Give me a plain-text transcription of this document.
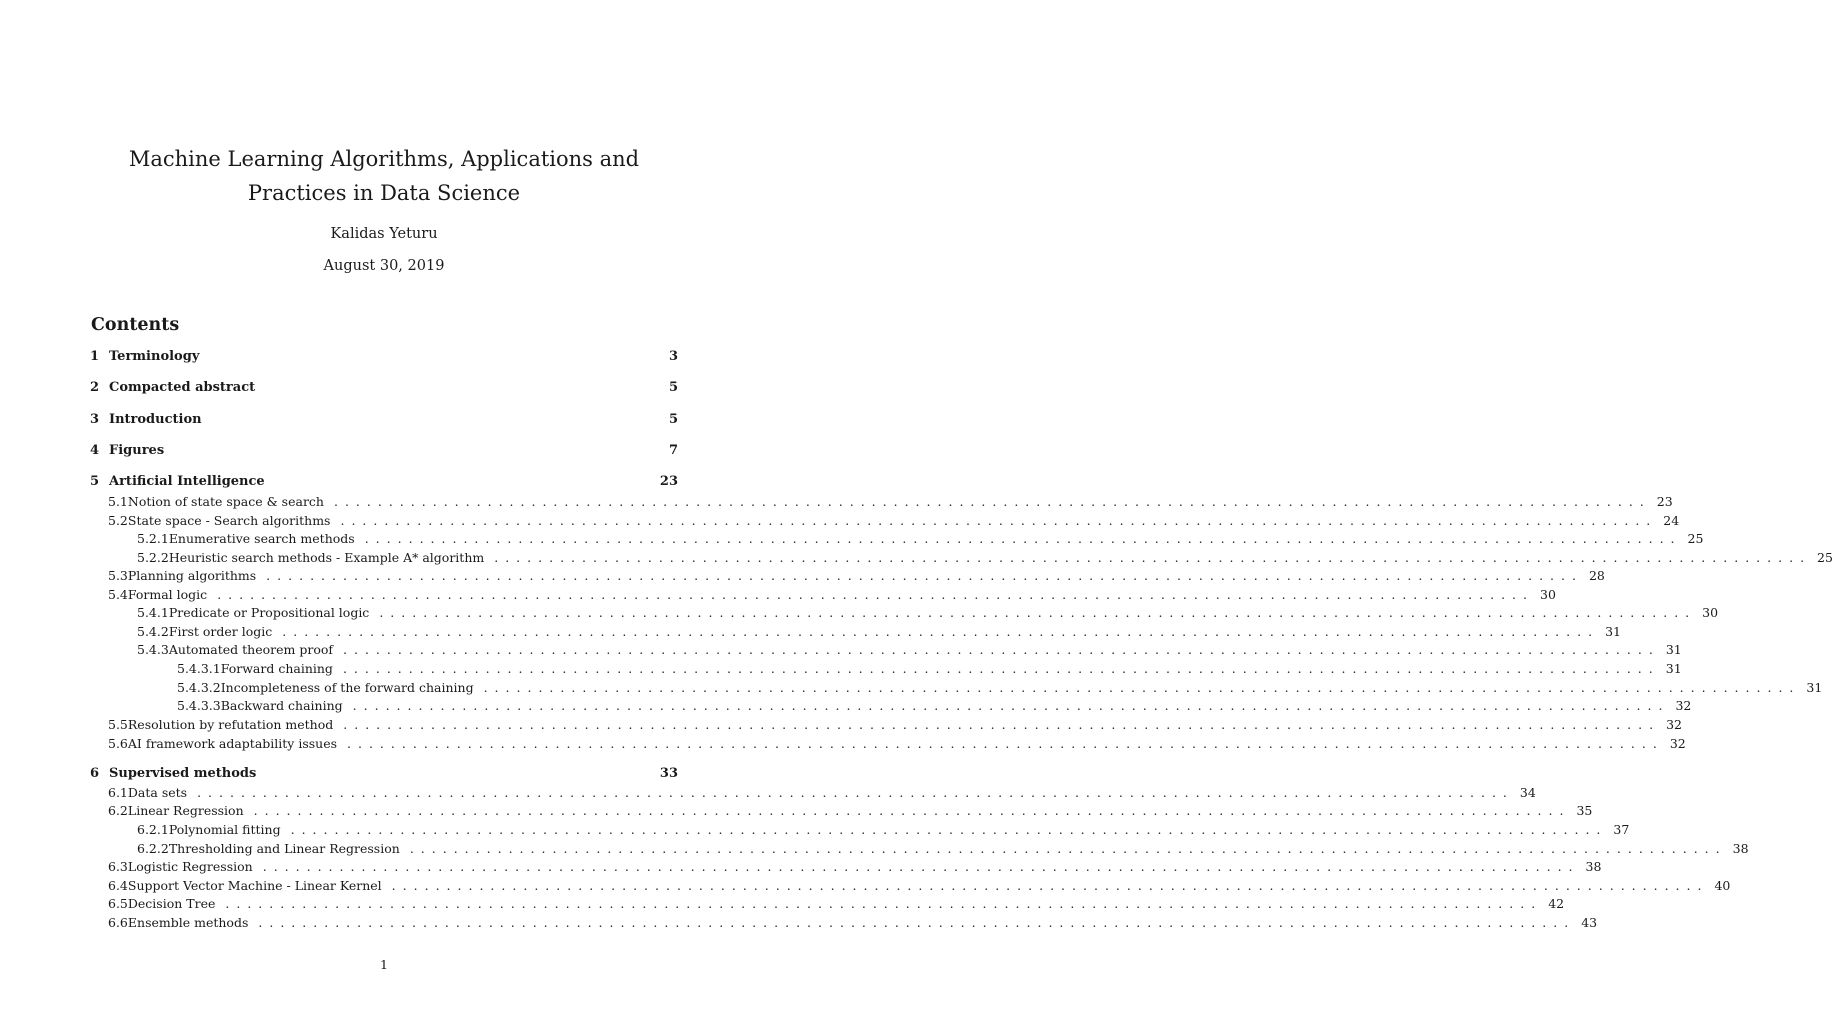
Machine Learning Algorithms, Applications and Practices in Data Science
Kalidas Yeturu
August 30, 2019
Contents
1 Terminology	3
2 Compacted abstract	5
3 Introduction	5
4 Figures	7
5 Artificial Intelligence	23
5.1 Notion of state space & search ........................................................................................................................ 23
5.2 State space - Search algorithms ........................................................................................................................ 24
5.2.1 Enumerative search methods ........................................................................................................................ 25
5.2.2 Heuristic search methods - Example A* algorithm ........................................................................................................................ 25
5.3 Planning algorithms ........................................................................................................................ 28
5.4 Formal logic ........................................................................................................................ 30
5.4.1 Predicate or Propositional logic ........................................................................................................................ 30
5.4.2 First order logic ........................................................................................................................ 31
5.4.3 Automated theorem proof ........................................................................................................................ 31
5.4.3.1 Forward chaining ........................................................................................................................ 31
5.4.3.2 Incompleteness of the forward chaining ........................................................................................................................ 31
5.4.3.3 Backward chaining ........................................................................................................................ 32
5.5 Resolution by refutation method ........................................................................................................................ 32
5.6 AI framework adaptability issues ........................................................................................................................ 32
6 Supervised methods	33
6.1 Data sets ........................................................................................................................ 34
6.2 Linear Regression ........................................................................................................................ 35
6.2.1 Polynomial fitting ........................................................................................................................ 37
6.2.2 Thresholding and Linear Regression ........................................................................................................................ 38
6.3 Logistic Regression ........................................................................................................................ 38
6.4 Support Vector Machine - Linear Kernel ........................................................................................................................ 40
6.5 Decision Tree ........................................................................................................................ 42
6.6 Ensemble methods ........................................................................................................................ 43
1
